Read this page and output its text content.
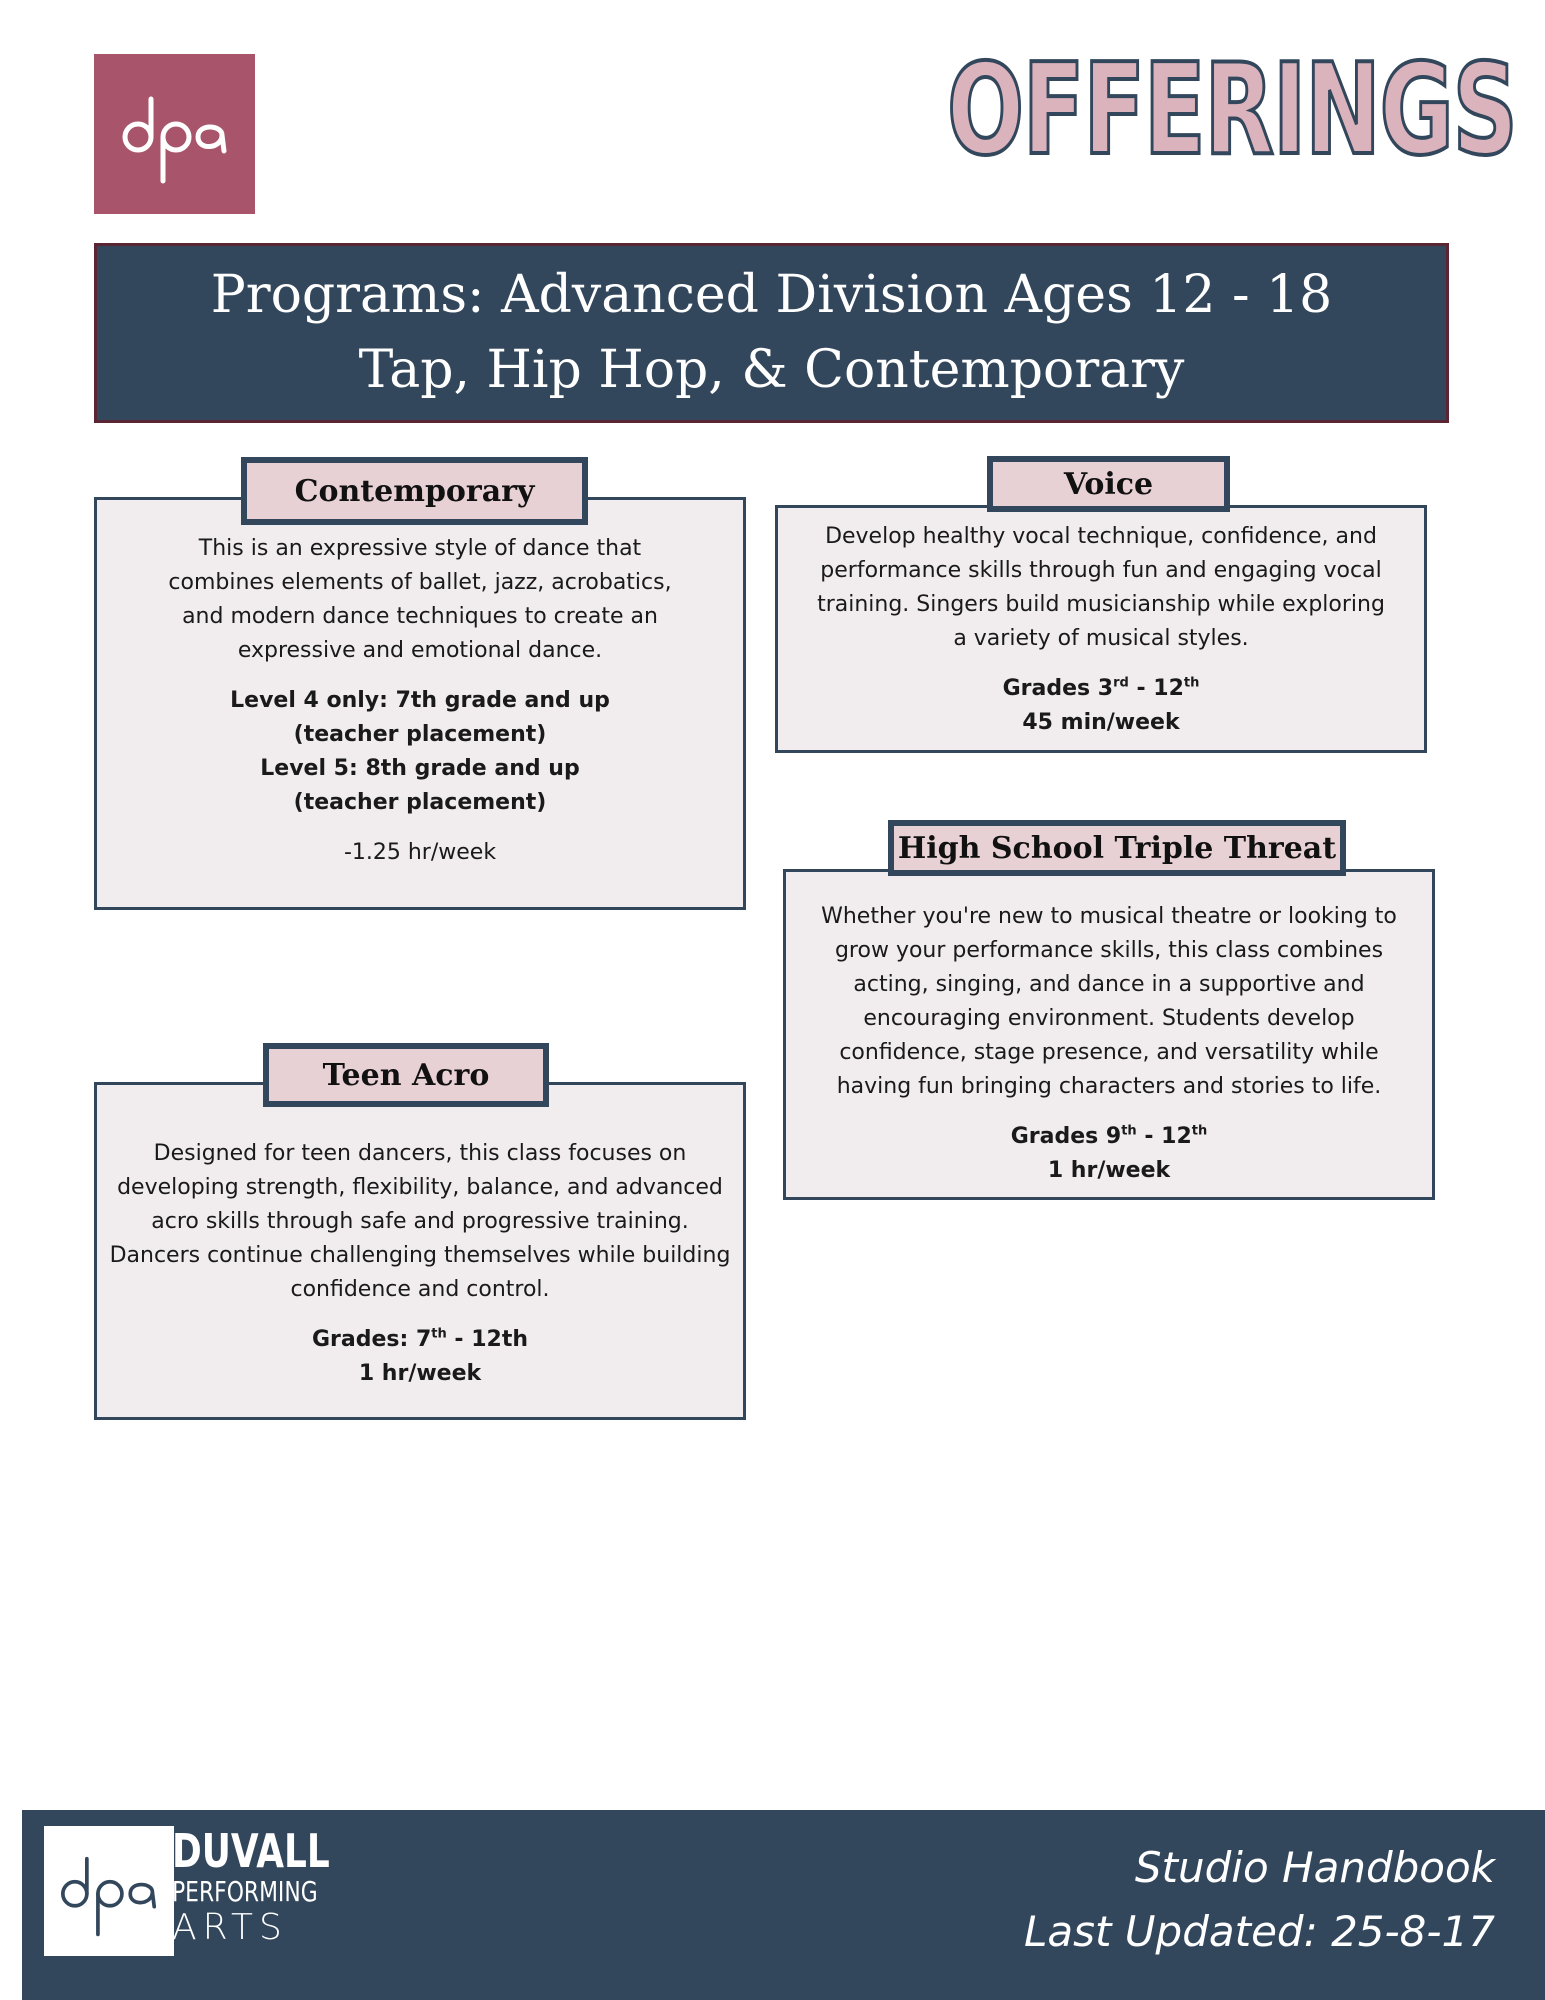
OFFERINGS
Programs: Advanced Division Ages 12 - 18
Tap, Hip Hop, & Contemporary

This is an expressive style of dance that combines elements of ballet, jazz, acrobatics, and modern dance techniques to create an expressive and emotional dance.

Level 4 only: 7th grade and up

(teacher placement)

Level 5: 8th grade and up

(teacher placement)

-1.25 hr/week

Contemporary

Develop healthy vocal technique, confidence, and performance skills through fun and engaging vocal training. Singers build musicianship while exploring a variety of musical styles.

Grades 3rd - 12th

45 min/week

Voice

Whether you're new to musical theatre or looking to grow your performance skills, this class combines acting, singing, and dance in a supportive and encouraging environment. Students develop confidence, stage presence, and versatility while having fun bringing characters and stories to life.

Grades 9th - 12th

1 hr/week

High School Triple Threat

Designed for teen dancers, this class focuses on developing strength, flexibility, balance, and advanced acro skills through safe and progressive training. Dancers continue challenging themselves while building confidence and control.

Grades: 7th - 12th

1 hr/week

Teen Acro
DUVALL
PERFORMING
ARTS
Studio Handbook
Last Updated: 25-8-17
